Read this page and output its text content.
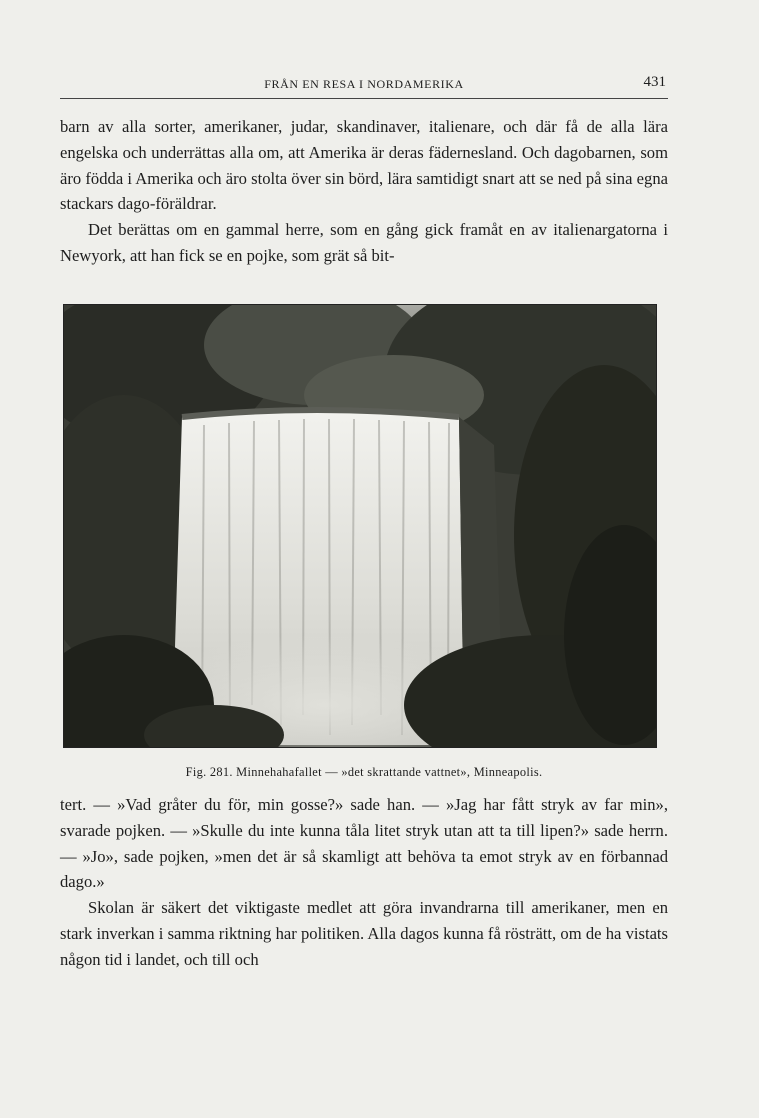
FRÅN EN RESA I NORDAMERIKA	431

barn av alla sorter, amerikaner, judar, skandinaver, italienare, och där få de alla lära engelska och underrättas alla om, att Amerika är deras fädernesland. Och dagobarnen, som äro födda i Amerika och äro stolta över sin börd, lära samtidigt snart att se ned på sina egna stackars dago-föräldrar.

Det berättas om en gammal herre, som en gång gick framåt en av italienargatorna i Newyork, att han fick se en pojke, som grät så bit-

Fig. 281. Minnehahafallet — »det skrattande vattnet», Minneapolis.

tert. — »Vad gråter du för, min gosse?» sade han. — »Jag har fått stryk av far min», svarade pojken. — »Skulle du inte kunna tåla litet stryk utan att ta till lipen?» sade herrn. — »Jo», sade pojken, »men det är så skamligt att behöva ta emot stryk av en förbannad dago.»

Skolan är säkert det viktigaste medlet att göra invandrarna till amerikaner, men en stark inverkan i samma riktning har politiken. Alla dagos kunna få rösträtt, om de ha vistats någon tid i landet, och till och
